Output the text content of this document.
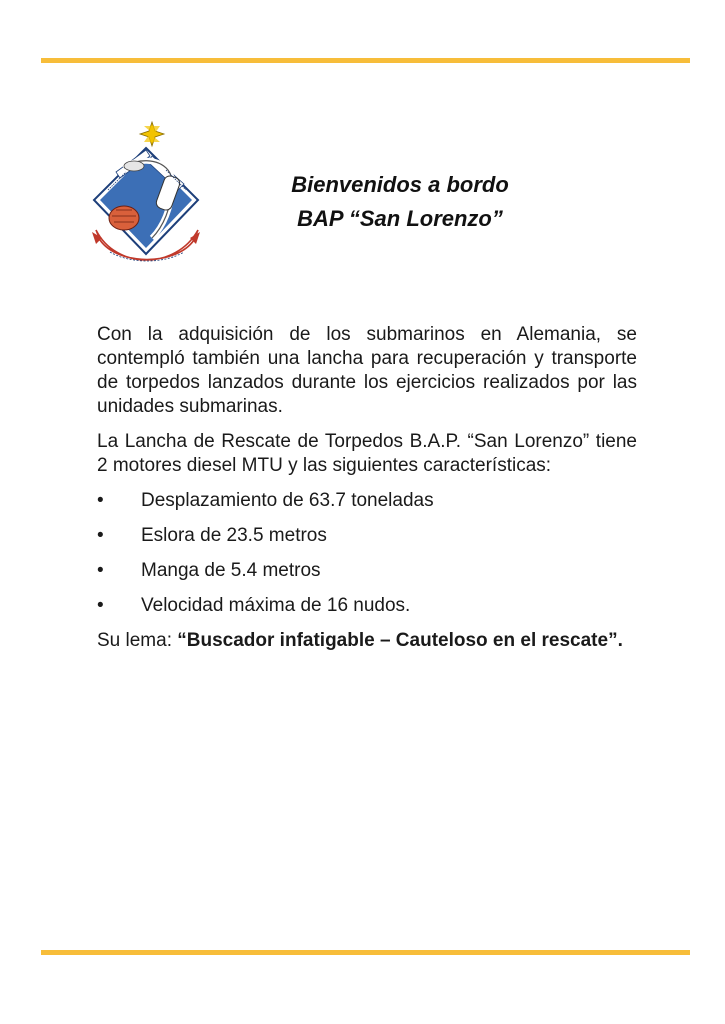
Bienvenidos a bordo
BAP “San Lorenzo”

Con la adquisición de los submarinos en Alemania, se contempló también una lancha para recuperación y transporte de torpedos lanzados durante los ejercicios realizados por las unidades submarinas.

La Lancha de Rescate de Torpedos B.A.P. “San Lorenzo” tiene 2 motores diesel MTU y las siguientes características:

• Desplazamiento de 63.7 toneladas
• Eslora de 23.5 metros
• Manga de 5.4 metros
• Velocidad máxima de 16 nudos.

Su lema: “Buscador infatigable – Cauteloso en el rescate”.
